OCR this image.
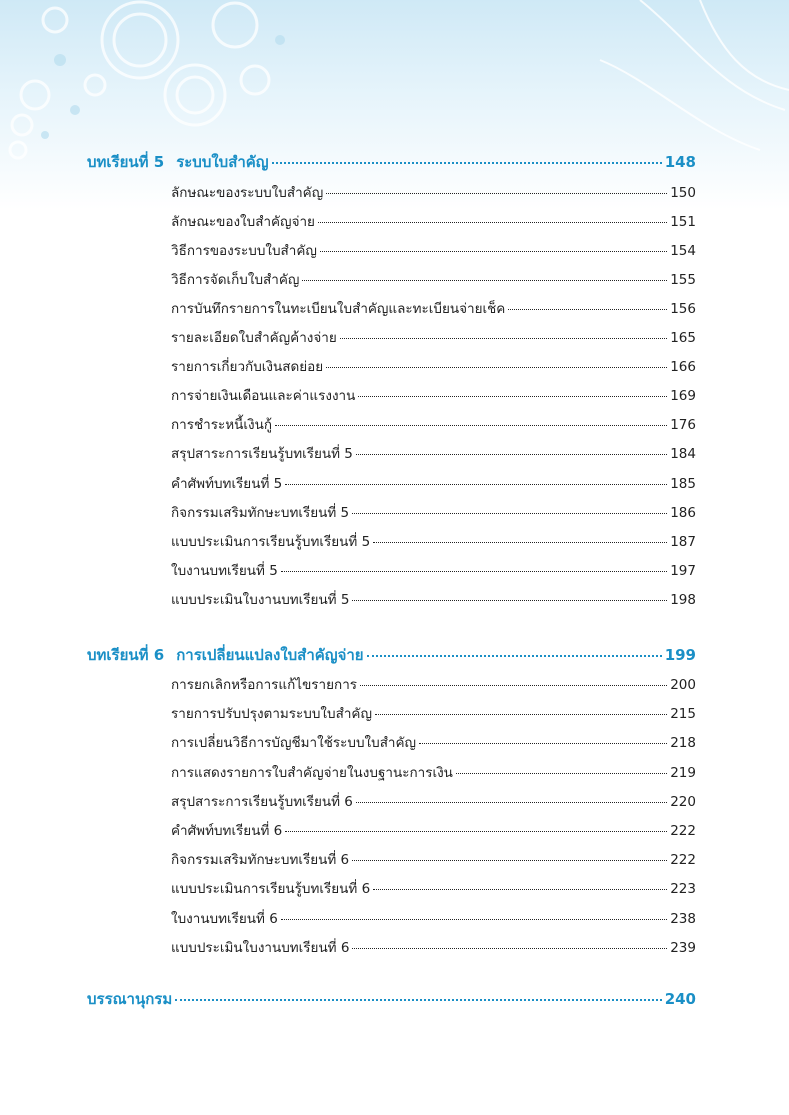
บทเรียนที่ 5 ระบบใบสำคัญ	148
ลักษณะของระบบใบสำคัญ	150
ลักษณะของใบสำคัญจ่าย	151
วิธีการของระบบใบสำคัญ	154
วิธีการจัดเก็บใบสำคัญ	155
การบันทึกรายการในทะเบียนใบสำคัญและทะเบียนจ่ายเช็ค	156
รายละเอียดใบสำคัญค้างจ่าย	165
รายการเกี่ยวกับเงินสดย่อย	166
การจ่ายเงินเดือนและค่าแรงงาน	169
การชำระหนี้เงินกู้	176
สรุปสาระการเรียนรู้บทเรียนที่ 5	184
คำศัพท์บทเรียนที่ 5	185
กิจกรรมเสริมทักษะบทเรียนที่ 5	186
แบบประเมินการเรียนรู้บทเรียนที่ 5	187
ใบงานบทเรียนที่ 5	197
แบบประเมินใบงานบทเรียนที่ 5	198
บทเรียนที่ 6 การเปลี่ยนแปลงใบสำคัญจ่าย	199
การยกเลิกหรือการแก้ไขรายการ	200
รายการปรับปรุงตามระบบใบสำคัญ	215
การเปลี่ยนวิธีการบัญชีมาใช้ระบบใบสำคัญ	218
การแสดงรายการใบสำคัญจ่ายในงบฐานะการเงิน	219
สรุปสาระการเรียนรู้บทเรียนที่ 6	220
คำศัพท์บทเรียนที่ 6	222
กิจกรรมเสริมทักษะบทเรียนที่ 6	222
แบบประเมินการเรียนรู้บทเรียนที่ 6	223
ใบงานบทเรียนที่ 6	238
แบบประเมินใบงานบทเรียนที่ 6	239
บรรณานุกรม	240
